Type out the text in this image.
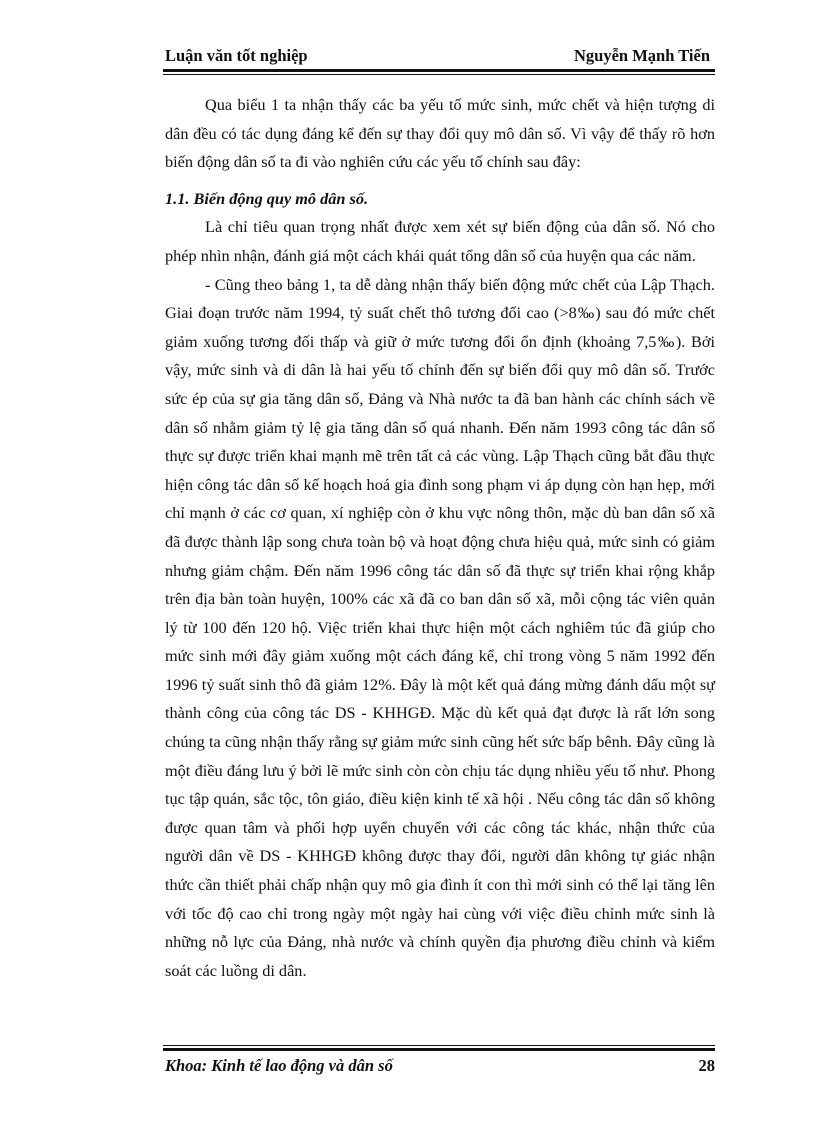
Luận văn tốt nghiệp	Nguyễn Mạnh Tiến

Qua biểu 1 ta nhận thấy các ba yếu tố mức sinh, mức chết và hiện tượng di dân đều có tác dụng đáng kể đến sự thay đổi quy mô dân số. Vì vậy để thấy rõ hơn biến động dân số ta đi vào nghiên cứu các yếu tố chính sau đây:

1.1. Biến động quy mô dân số.

Là chỉ tiêu quan trọng nhất được xem xét sự biến động của dân số. Nó cho phép nhìn nhận, đánh giá một cách khái quát tổng dân số của huyện qua các năm.

- Cũng theo bảng 1, ta dễ dàng nhận thấy biến động mức chết của Lập Thạch. Giai đoạn trước năm 1994, tỷ suất chết thô tương đối cao (>8‰) sau đó mức chết giảm xuống tương đối thấp và giữ ở mức tương đổi ổn định (khoảng 7,5‰). Bởi vậy, mức sinh và di dân là hai yếu tố chính đến sự biến đổi quy mô dân số. Trước sức ép của sự gia tăng dân số, Đảng và Nhà nước ta đã ban hành các chính sách về dân số nhằm giảm tỷ lệ gia tăng dân số quá nhanh. Đến năm 1993 công tác dân số thực sự được triển khai mạnh mẽ trên tất cả các vùng. Lập Thạch cũng bắt đầu thực hiện công tác dân số kế hoạch hoá gia đình song phạm vi áp dụng còn hạn hẹp, mới chỉ mạnh ở các cơ quan, xí nghiệp còn ở khu vực nông thôn, mặc dù ban dân số xã đã được thành lập song chưa toàn bộ và hoạt động chưa hiệu quả, mức sinh có giảm nhưng giảm chậm. Đến năm 1996 công tác dân số đã thực sự triển khai rộng khắp trên địa bàn toàn huyện, 100% các xã đã co ban dân số xã, mỗi cộng tác viên quản lý từ 100 đến 120 hộ. Việc triển khai thực hiện một cách nghiêm túc đã giúp cho mức sinh mới đây giảm xuống một cách đáng kể, chỉ trong vòng 5 năm 1992 đến 1996 tỷ suất sinh thô đã giảm 12%. Đây là một kết quả đáng mừng đánh dấu một sự thành công của công tác DS - KHHGĐ. Mặc dù kết quả đạt được là rất lớn song chúng ta cũng nhận thấy rằng sự giảm mức sinh cũng hết sức bấp bênh. Đây cũng là một điều đáng lưu ý bởi lẽ mức sinh còn còn chịu tác dụng nhiều yếu tố như. Phong tục tập quán, sắc tộc, tôn giáo, điều kiện kinh tế xã hội . Nếu công tác dân số không được quan tâm và phối hợp uyển chuyển với các công tác khác, nhận thức của người dân về DS - KHHGĐ không được thay đổi, người dân không tự giác nhận thức cần thiết phải chấp nhận quy mô gia đình ít con thì mới sinh có thể lại tăng lên với tốc độ cao chỉ trong ngày một ngày hai cùng với việc điều chỉnh mức sinh là những nỗ lực của Đảng, nhà nước và chính quyền địa phương điều chỉnh và kiểm soát các luồng di dân.

Khoa: Kinh tế lao động và dân số	28
